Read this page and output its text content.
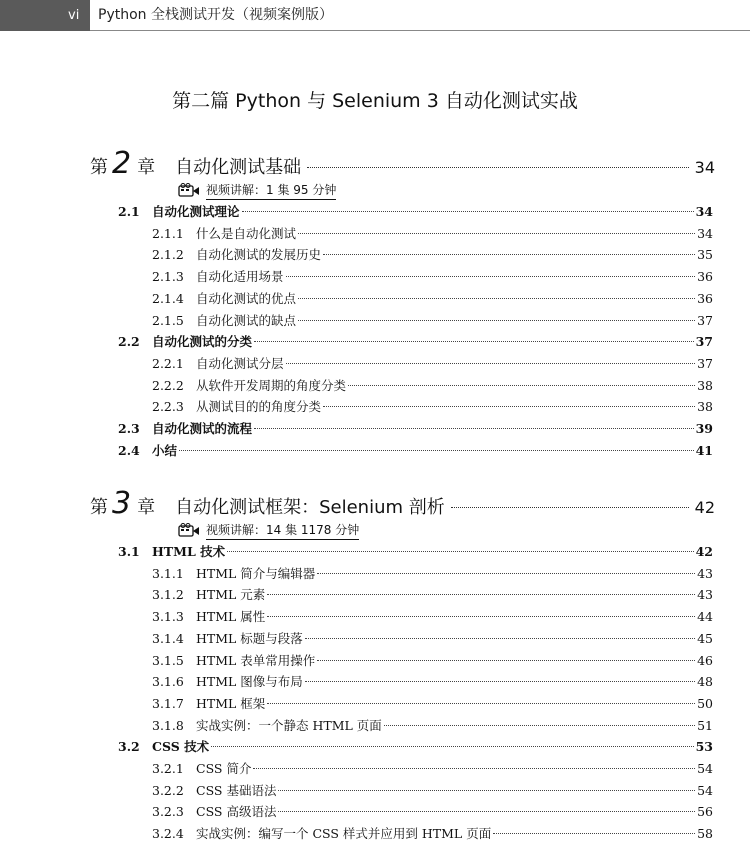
vi	Python 全栈测试开发（视频案例版）
第二篇 Python 与 Selenium 3 自动化测试实战
第 2 章 自动化测试基础	34
视频讲解：1 集 95 分钟
2.1 自动化测试理论	34
2.1.1 什么是自动化测试	34
2.1.2 自动化测试的发展历史	35
2.1.3 自动化适用场景	36
2.1.4 自动化测试的优点	36
2.1.5 自动化测试的缺点	37
2.2 自动化测试的分类	37
2.2.1 自动化测试分层	37
2.2.2 从软件开发周期的角度分类	38
2.2.3 从测试目的的角度分类	38
2.3 自动化测试的流程	39
2.4 小结	41
第 3 章 自动化测试框架：Selenium 剖析	42
视频讲解：14 集 1178 分钟
3.1 HTML 技术	42
3.1.1 HTML 简介与编辑器	43
3.1.2 HTML 元素	43
3.1.3 HTML 属性	44
3.1.4 HTML 标题与段落	45
3.1.5 HTML 表单常用操作	46
3.1.6 HTML 图像与布局	48
3.1.7 HTML 框架	50
3.1.8 实战实例：一个静态 HTML 页面	51
3.2 CSS 技术	53
3.2.1 CSS 简介	54
3.2.2 CSS 基础语法	54
3.2.3 CSS 高级语法	56
3.2.4 实战实例：编写一个 CSS 样式并应用到 HTML 页面	58
